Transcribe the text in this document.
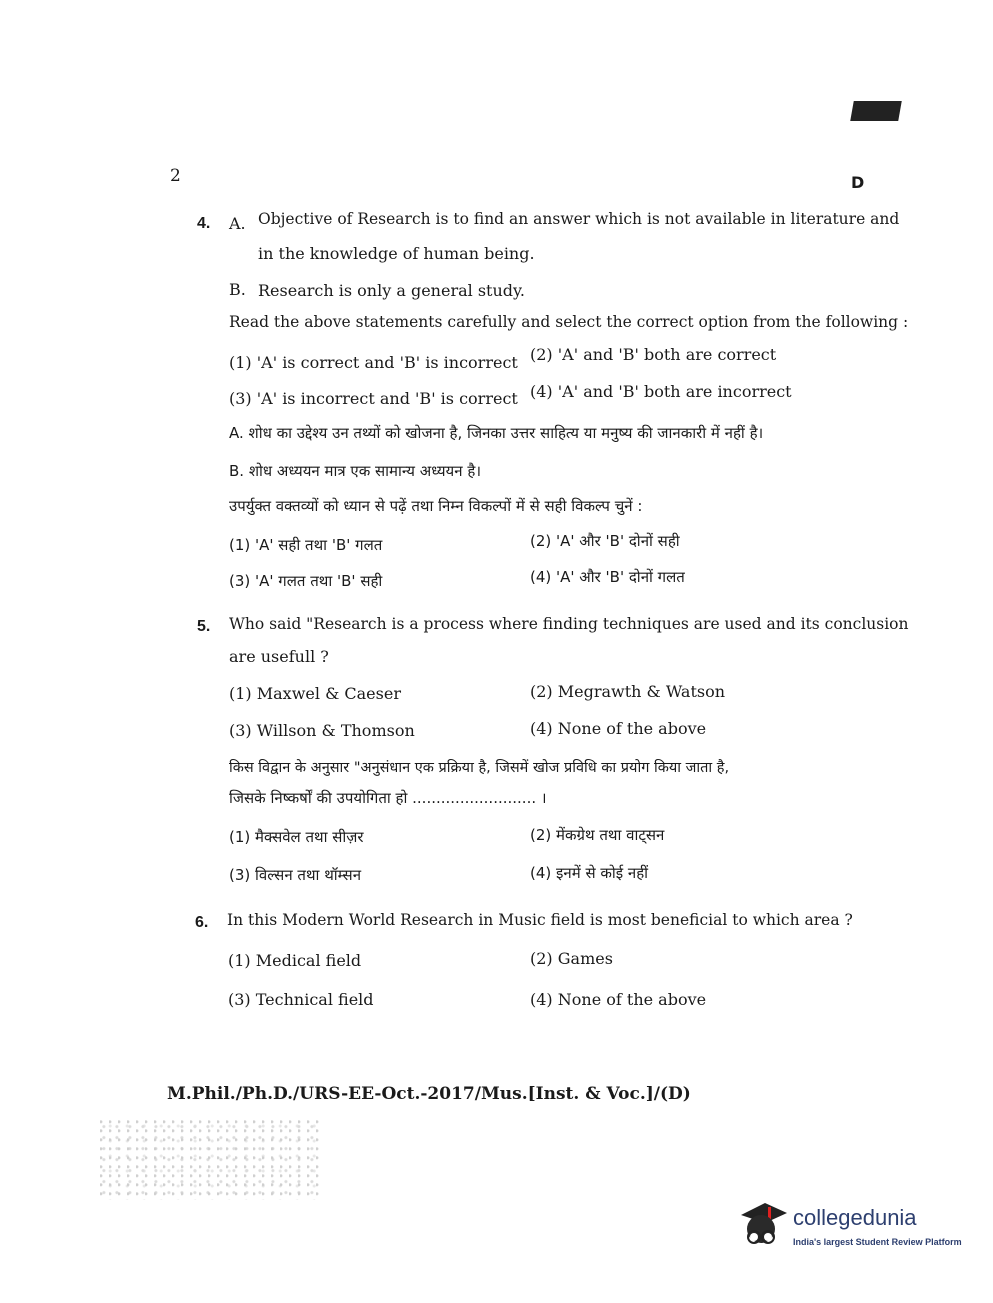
2	D
4. A. Objective of Research is to find an answer which is not available in literature and
in the knowledge of human being.
B. Research is only a general study.
Read the above statements carefully and select the correct option from the following :
(1) 'A' is correct and 'B' is incorrect (2) 'A' and 'B' both are correct
(3) 'A' is incorrect and 'B' is correct (4) 'A' and 'B' both are incorrect
A. शोध का उद्देश्य उन तथ्यों को खोजना है, जिनका उत्तर साहित्य या मनुष्य की जानकारी में नहीं है।
B. शोध अध्ययन मात्र एक सामान्य अध्ययन है।
उपर्युक्त वक्तव्यों को ध्यान से पढ़ें तथा निम्न विकल्पों में से सही विकल्प चुनें :
(1) 'A' सही तथा 'B' गलत	(2) 'A' और 'B' दोनों सही
(3) 'A' गलत तथा 'B' सही	(4) 'A' और 'B' दोनों गलत
5. Who said "Research is a process where finding techniques are used and its conclusion
are usefull ?
(1) Maxwel & Caeser	(2) Megrawth & Watson
(3) Willson & Thomson	(4) None of the above
किस विद्वान के अनुसार "अनुसंधान एक प्रक्रिया है, जिसमें खोज प्रविधि का प्रयोग किया जाता है,
जिसके निष्कर्षों की उपयोगिता हो .......................... ।
(1) मैक्सवेल तथा सीज़र	(2) मेंकग्रेथ तथा वाट्सन
(3) विल्सन तथा थॉम्सन	(4) इनमें से कोई नहीं
6. In this Modern World Research in Music field is most beneficial to which area ?
(1) Medical field	(2) Games
(3) Technical field	(4) None of the above
M.Phil./Ph.D./URS-EE-Oct.-2017/Mus.[Inst. & Voc.]/(D)
collegedunia
India's largest Student Review Platform
